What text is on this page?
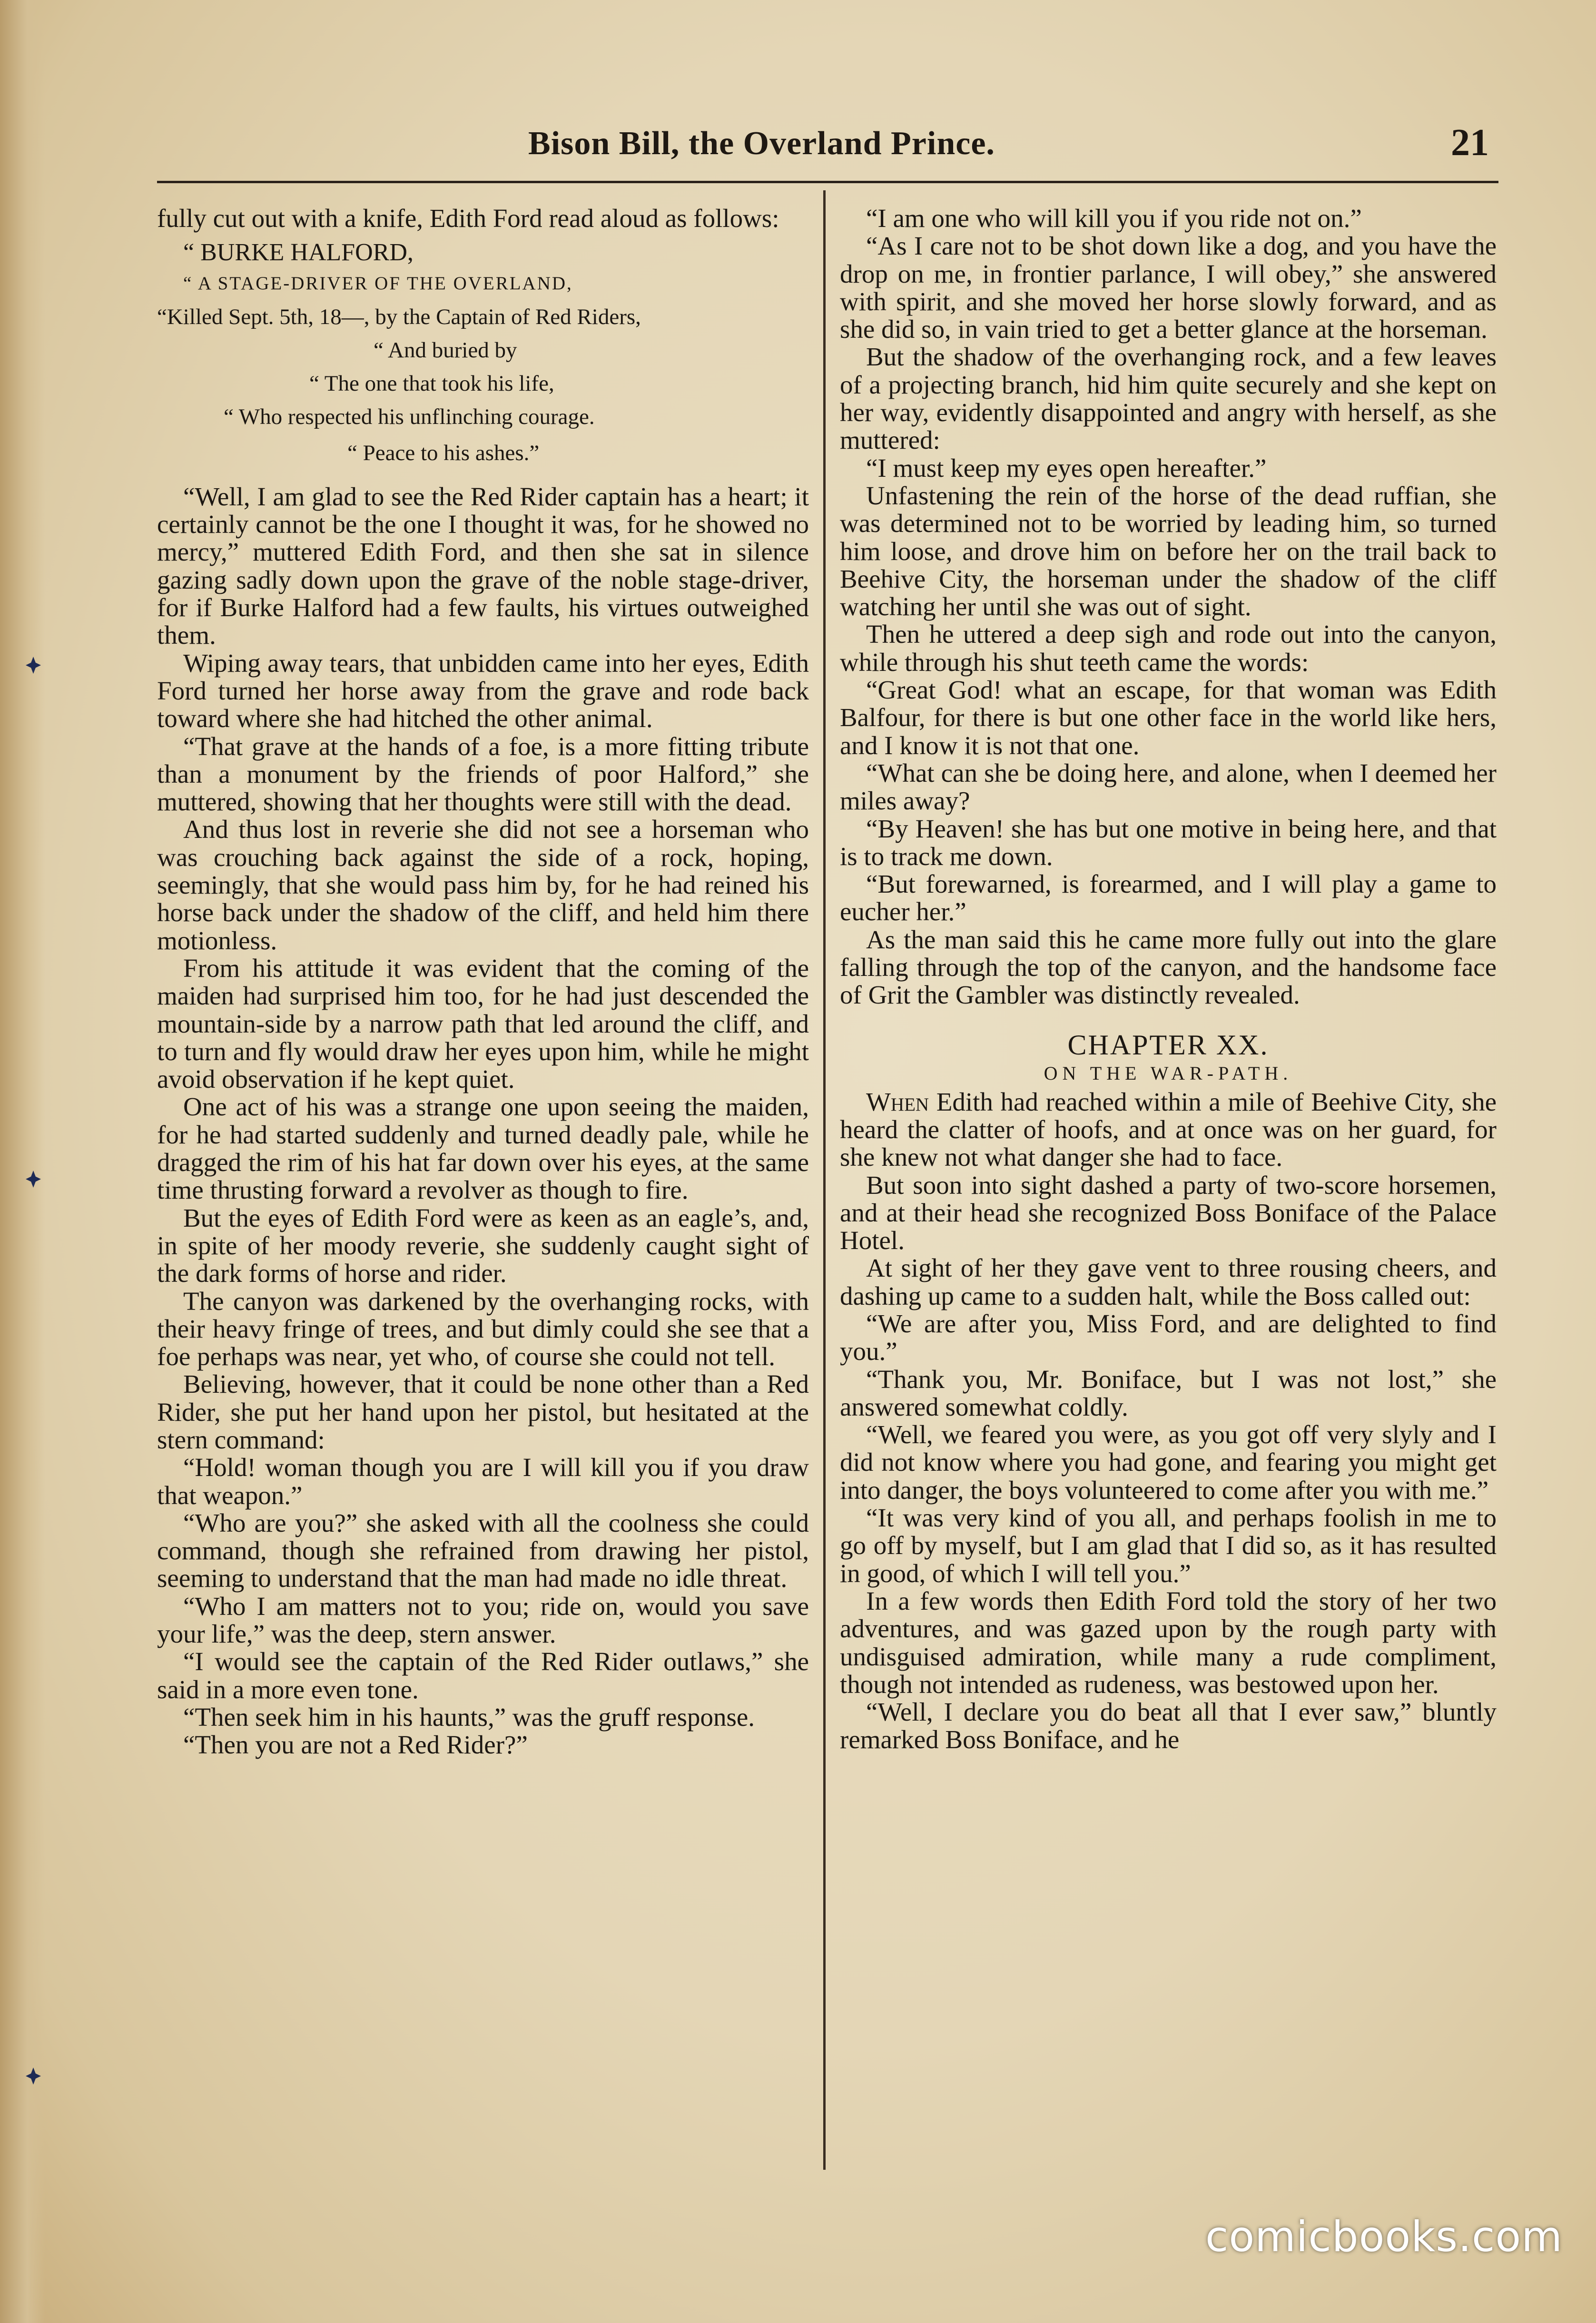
Bison Bill, the Overland Prince.	21

fully cut out with a knife, Edith Ford read aloud as follows:

“ BURKE HALFORD,

“ A STAGE-DRIVER OF THE OVERLAND,

“Killed Sept. 5th, 18—, by the Captain of Red Riders,

“ And buried by

“ The one that took his life,

“ Who respected his unflinching courage.

“ Peace to his ashes.”

“Well, I am glad to see the Red Rider captain has a heart; it certainly cannot be the one I thought it was, for he showed no mercy,” muttered Edith Ford, and then she sat in silence gazing sadly down upon the grave of the noble stage-driver, for if Burke Halford had a few faults, his virtues outweighed them.

Wiping away tears, that unbidden came into her eyes, Edith Ford turned her horse away from the grave and rode back toward where she had hitched the other animal.

“That grave at the hands of a foe, is a more fitting tribute than a monument by the friends of poor Halford,” she muttered, showing that her thoughts were still with the dead.

And thus lost in reverie she did not see a horseman who was crouching back against the side of a rock, hoping, seemingly, that she would pass him by, for he had reined his horse back under the shadow of the cliff, and held him there motionless.

From his attitude it was evident that the coming of the maiden had surprised him too, for he had just descended the mountain-side by a narrow path that led around the cliff, and to turn and fly would draw her eyes upon him, while he might avoid observation if he kept quiet.

One act of his was a strange one upon seeing the maiden, for he had started suddenly and turned deadly pale, while he dragged the rim of his hat far down over his eyes, at the same time thrusting forward a revolver as though to fire.

But the eyes of Edith Ford were as keen as an eagle’s, and, in spite of her moody reverie, she suddenly caught sight of the dark forms of horse and rider.

The canyon was darkened by the overhanging rocks, with their heavy fringe of trees, and but dimly could she see that a foe perhaps was near, yet who, of course she could not tell.

Believing, however, that it could be none other than a Red Rider, she put her hand upon her pistol, but hesitated at the stern command:

“Hold! woman though you are I will kill you if you draw that weapon.”

“Who are you?” she asked with all the coolness she could command, though she refrained from drawing her pistol, seeming to understand that the man had made no idle threat.

“Who I am matters not to you; ride on, would you save your life,” was the deep, stern answer.

“I would see the captain of the Red Rider outlaws,” she said in a more even tone.

“Then seek him in his haunts,” was the gruff response.

“Then you are not a Red Rider?”

“I am one who will kill you if you ride not on.”

“As I care not to be shot down like a dog, and you have the drop on me, in frontier parlance, I will obey,” she answered with spirit, and she moved her horse slowly forward, and as she did so, in vain tried to get a better glance at the horseman.

But the shadow of the overhanging rock, and a few leaves of a projecting branch, hid him quite securely and she kept on her way, evidently disappointed and angry with herself, as she muttered:

“I must keep my eyes open hereafter.”

Unfastening the rein of the horse of the dead ruffian, she was determined not to be worried by leading him, so turned him loose, and drove him on before her on the trail back to Beehive City, the horseman under the shadow of the cliff watching her until she was out of sight.

Then he uttered a deep sigh and rode out into the canyon, while through his shut teeth came the words:

“Great God! what an escape, for that woman was Edith Balfour, for there is but one other face in the world like hers, and I know it is not that one.

“What can she be doing here, and alone, when I deemed her miles away?

“By Heaven! she has but one motive in being here, and that is to track me down.

“But forewarned, is forearmed, and I will play a game to eucher her.”

As the man said this he came more fully out into the glare falling through the top of the canyon, and the handsome face of Grit the Gambler was distinctly revealed.

CHAPTER XX.
ON THE WAR-PATH.

When Edith had reached within a mile of Beehive City, she heard the clatter of hoofs, and at once was on her guard, for she knew not what danger she had to face.

But soon into sight dashed a party of two-score horsemen, and at their head she recognized Boss Boniface of the Palace Hotel.

At sight of her they gave vent to three rousing cheers, and dashing up came to a sudden halt, while the Boss called out:

“We are after you, Miss Ford, and are delighted to find you.”

“Thank you, Mr. Boniface, but I was not lost,” she answered somewhat coldly.

“Well, we feared you were, as you got off very slyly and I did not know where you had gone, and fearing you might get into danger, the boys volunteered to come after you with me.”

“It was very kind of you all, and perhaps foolish in me to go off by myself, but I am glad that I did so, as it has resulted in good, of which I will tell you.”

In a few words then Edith Ford told the story of her two adventures, and was gazed upon by the rough party with undisguised admiration, while many a rude compliment, though not intended as rudeness, was bestowed upon her.

“Well, I declare you do beat all that I ever saw,” bluntly remarked Boss Boniface, and he

comicbooks.com
